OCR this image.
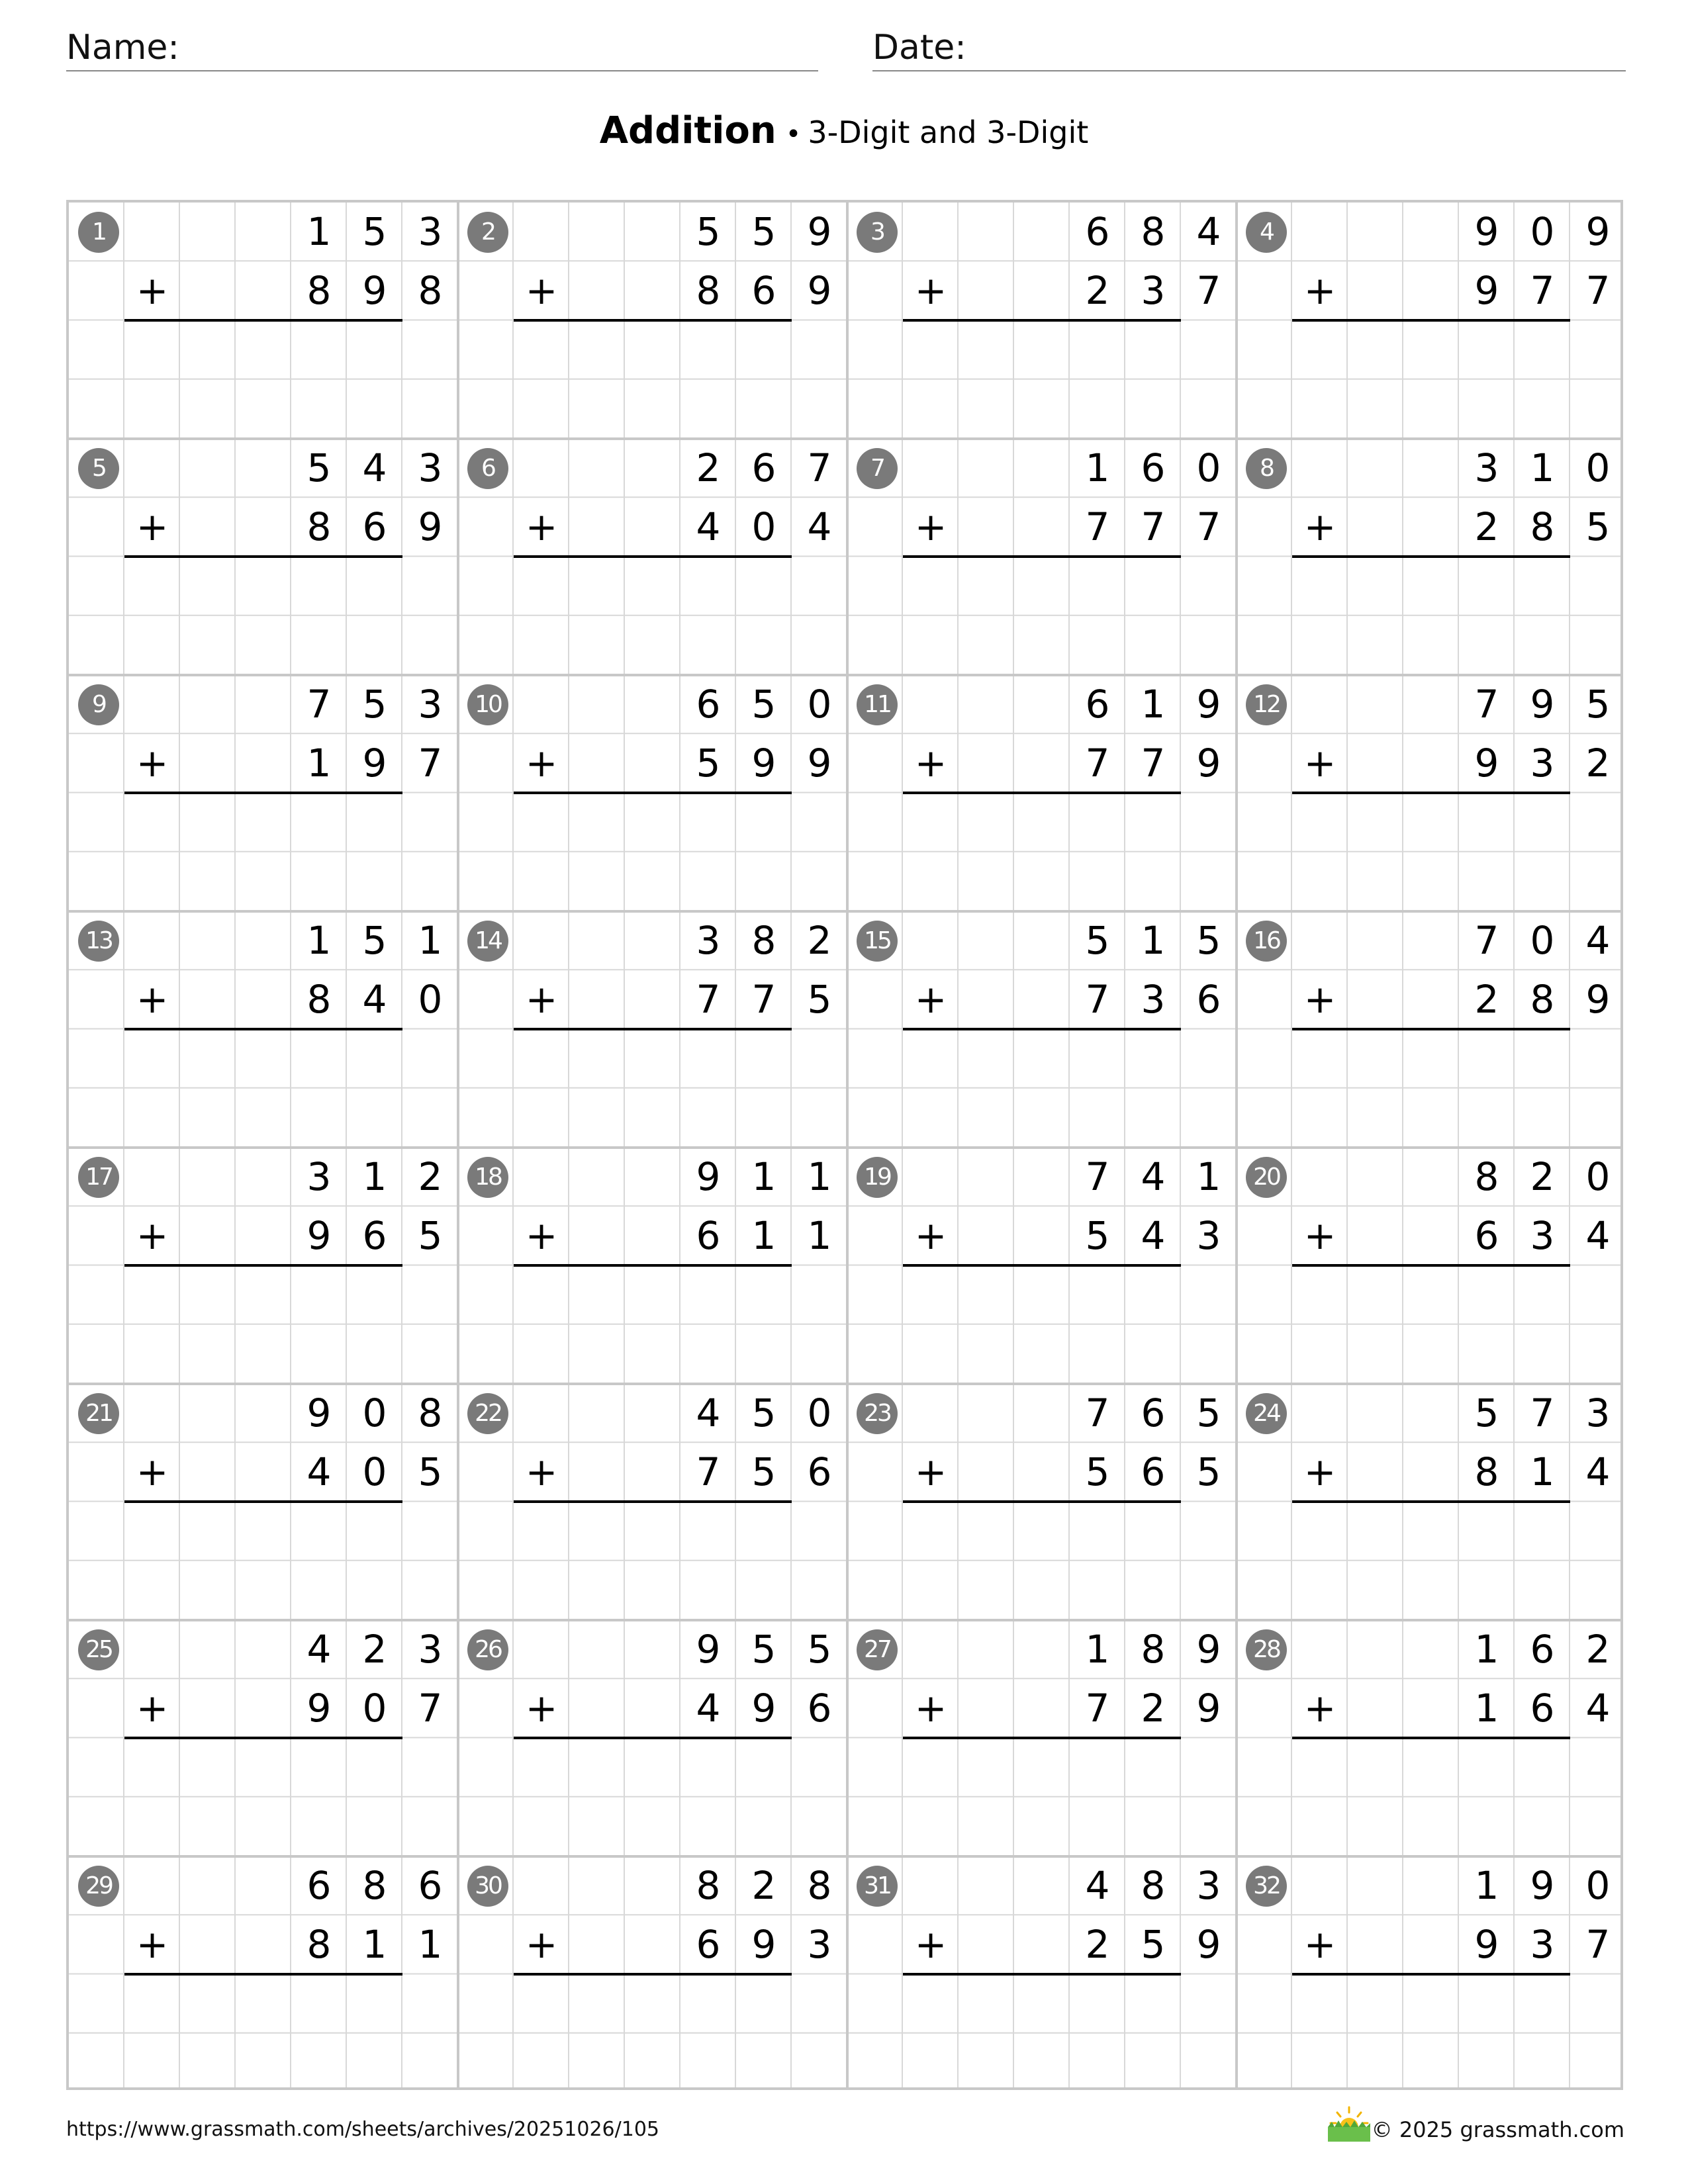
Name:	Date:
Addition • 3-Digit and 3-Digit
1	1 5 3
8 9 8
+
2	5 5 9
8 6 9
+
3	6 8 4
2 3 7
+
4	9 0 9
9 7 7
+
5	5 4 3
8 6 9
+
6	2 6 7
4 0 4
+
7	1 6 0
7 7 7
+
8	3 1 0
2 8 5
+
9	7 5 3
1 9 7
+
10	6 5 0
5 9 9
+
11	6 1 9
7 7 9
+
12	7 9 5
9 3 2
+
13	1 5 1
8 4 0
+
14	3 8 2
7 7 5
+
15	5 1 5
7 3 6
+
16	7 0 4
2 8 9
+
17	3 1 2
9 6 5
+
18	9 1 1
6 1 1
+
19	7 4 1
5 4 3
+
20	8 2 0
6 3 4
+
21	9 0 8
4 0 5
+
22	4 5 0
7 5 6
+
23	7 6 5
5 6 5
+
24	5 7 3
8 1 4
+
25	4 2 3
9 0 7
+
26	9 5 5
4 9 6
+
27	1 8 9
7 2 9
+
28	1 6 2
1 6 4
+
29	6 8 6
8 1 1
+
30	8 2 8
6 9 3
+
31	4 8 3
2 5 9
+
32	1 9 0
9 3 7
+
https://www.grassmath.com/sheets/archives/20251026/105	© 2025 grassmath.com
